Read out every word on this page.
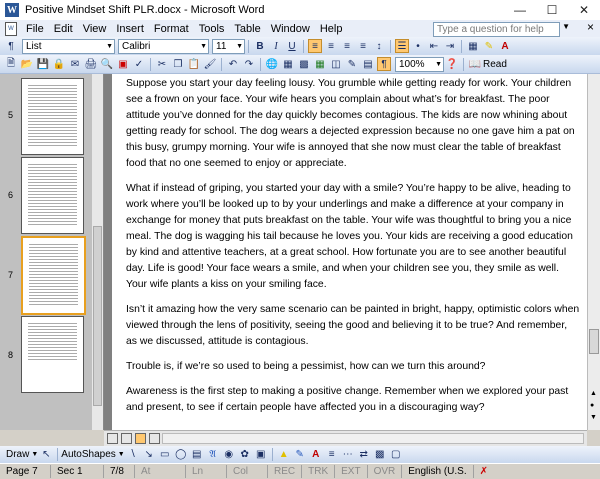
W Positive Mindset Shift PLR.docx - Microsoft Word	—	☐	✕
W	File Edit View Insert Format Tools Table Window Help	Type a question for help	▼ ×
¶	List	▼ Calibri	▼ 11 ▼	B	I	U	≡	≡	≡	≡	↕	☰ •	⇤ ⇥ ▦ ✎ A
🗎 📂 💾 🔒 ✉ 🖨 🔍 ▣ ✓ ✂ ❐ 📋 🖌 ↶ ↷ 🌐 ▦ ▩ ▦ ◫ ✎ ▤ ¶	100% ▼ ❓ 📖 Read
5
6
7
8

Suppose you start your day feeling lousy. You grumble while getting ready for work. Your children see a frown on your face. Your wife hears you complain about what’s for breakfast. The poor attitude you’ve donned for the day quickly becomes contagious. The kids are now whining about getting ready for school. The dog wears a dejected expression because no one gave him a pat on this busy, grumpy morning. Your wife is annoyed that she now must clear the table of breakfast food that no one seemed to enjoy or appreciate.

What if instead of griping, you started your day with a smile? You’re happy to be alive, heading to work where you’ll be looked up to by your underlings and make a difference at your company in exchange for money that puts breakfast on the table. Your wife was thoughtful to bring you a nice meal. The dog is wagging his tail because he loves you. Your kids are receiving a good education by kind and attentive teachers, at a great school. How fortunate you are to see another beautiful day. Life is good! Your face wears a smile, and when your children see you, they smile as well. Your wife plants a kiss on your smiling face.

Isn’t it amazing how the very same scenario can be painted in bright, happy, optimistic colors when viewed through the lens of positivity, seeing the good and believing it to be true? And remember, as we discussed, attitude is contagious.

Trouble is, if we’re so used to being a pessimist, how can we turn this around?

Awareness is the first step to making a positive change. Remember when we explored your past and present, to see if certain people have affected you in a discouraging way?

▲
●
▼
Draw ▼ ↖ AutoShapes ▼ ∖ ↘ ▭ ◯ ▤ 𝔄 ◉ ✿ ▣ ▲ ✎ A ≡ ⋯ ⇄ ▩ ▢
Page 7	Sec 1	7/8	At	Ln	Col	REC	TRK	EXT	OVR	English (U.S.	✗
